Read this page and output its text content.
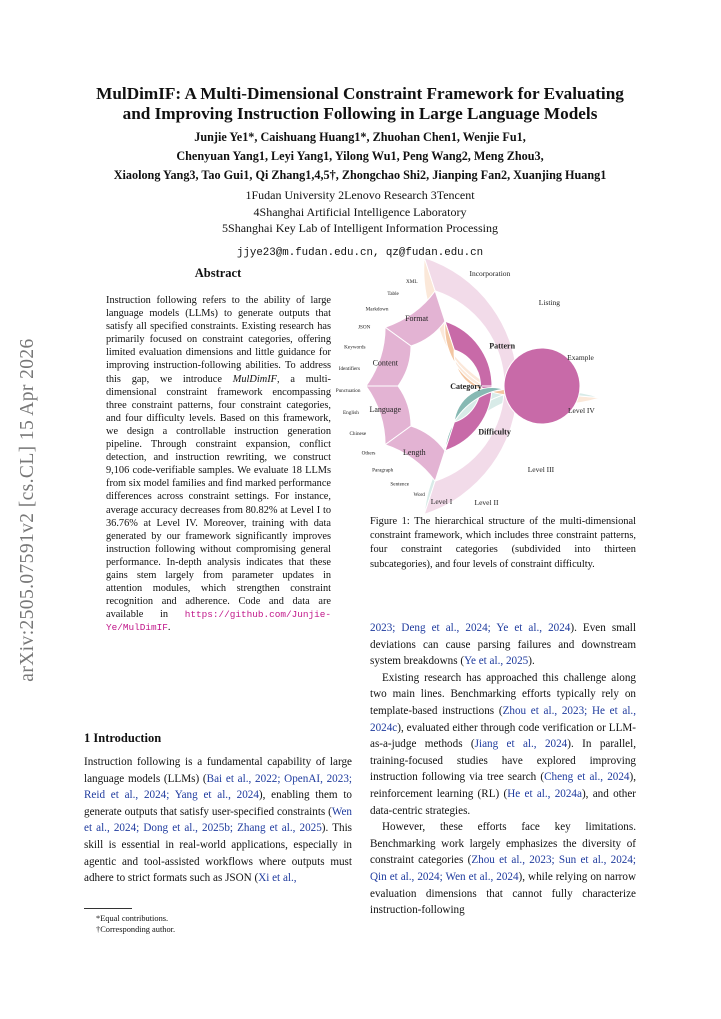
arXiv:2505.07591v2 [cs.CL] 15 Apr 2026
MulDimIF: A Multi-Dimensional Constraint Framework for Evaluating
and Improving Instruction Following in Large Language Models
Junjie Ye1*, Caishuang Huang1*, Zhuohan Chen1, Wenjie Fu1,
Chenyuan Yang1, Leyi Yang1, Yilong Wu1, Peng Wang2, Meng Zhou3,
Xiaolong Yang3, Tao Gui1, Qi Zhang1,4,5†, Zhongchao Shi2, Jianping Fan2, Xuanjing Huang1
1Fudan University 2Lenovo Research 3Tencent
4Shanghai Artificial Intelligence Laboratory
5Shanghai Key Lab of Intelligent Information Processing
jjye23@m.fudan.edu.cn, qz@fudan.edu.cn
Abstract
Instruction following refers to the ability of large language models (LLMs) to generate outputs that satisfy all specified constraints. Existing research has primarily focused on constraint categories, offering limited evaluation dimensions and little guidance for improving instruction-following abilities. To address this gap, we introduce MulDimIF, a multi-dimensional constraint framework encompassing three constraint patterns, four constraint categories, and four difficulty levels. Based on this framework, we design a controllable instruction generation pipeline. Through constraint expansion, conflict detection, and instruction rewriting, we construct 9,106 code-verifiable samples. We evaluate 18 LLMs from six model families and find marked performance differences across constraint settings. For instance, average accuracy decreases from 80.82% at Level I to 36.76% at Level IV. Moreover, training with data generated by our framework significantly improves instruction following without compromising general performance. In-depth analysis indicates that these gains stem largely from parameter updates in attention modules, which strengthen constraint recognition and adherence. Code and data are available in https://github.com/Junjie-Ye/MulDimIF.
1 Introduction
Instruction following is a fundamental capability of large language models (LLMs) (Bai et al., 2022; OpenAI, 2023; Reid et al., 2024; Yang et al., 2024), enabling them to generate outputs that satisfy user-specified constraints (Wen et al., 2024; Dong et al., 2025b; Zhang et al., 2025). This skill is essential in real-world applications, especially in agentic and tool-assisted workflows where outputs must adhere to strict formats such as JSON (Xi et al.,
*Equal contributions.
†Corresponding author.
Category
Pattern
Difficulty
Format
Content
Language
Length
Incorporation
Listing
Example
Level I	Level II
Level III
Level IV
XML
Table
Markdown
JSON
Keywords
Identifiers
Punctuation
English
Chinese
Others
Paragraph
Sentence
Word
Figure 1: The hierarchical structure of the multi-dimensional constraint framework, which includes three constraint patterns, four constraint categories (subdivided into thirteen subcategories), and four levels of constraint difficulty.

2023; Deng et al., 2024; Ye et al., 2024). Even small deviations can cause parsing failures and downstream system breakdowns (Ye et al., 2025).

Existing research has approached this challenge along two main lines. Benchmarking efforts typically rely on template-based instructions (Zhou et al., 2023; He et al., 2024c), evaluated either through code verification or LLM-as-a-judge methods (Jiang et al., 2024). In parallel, training-focused studies have explored improving instruction following via tree search (Cheng et al., 2024), reinforcement learning (RL) (He et al., 2024a), and other data-centric strategies.

However, these efforts face key limitations. Benchmarking work largely emphasizes the diversity of constraint categories (Zhou et al., 2023; Sun et al., 2024; Qin et al., 2024; Wen et al., 2024), while relying on narrow evaluation dimensions that cannot fully characterize instruction-following
